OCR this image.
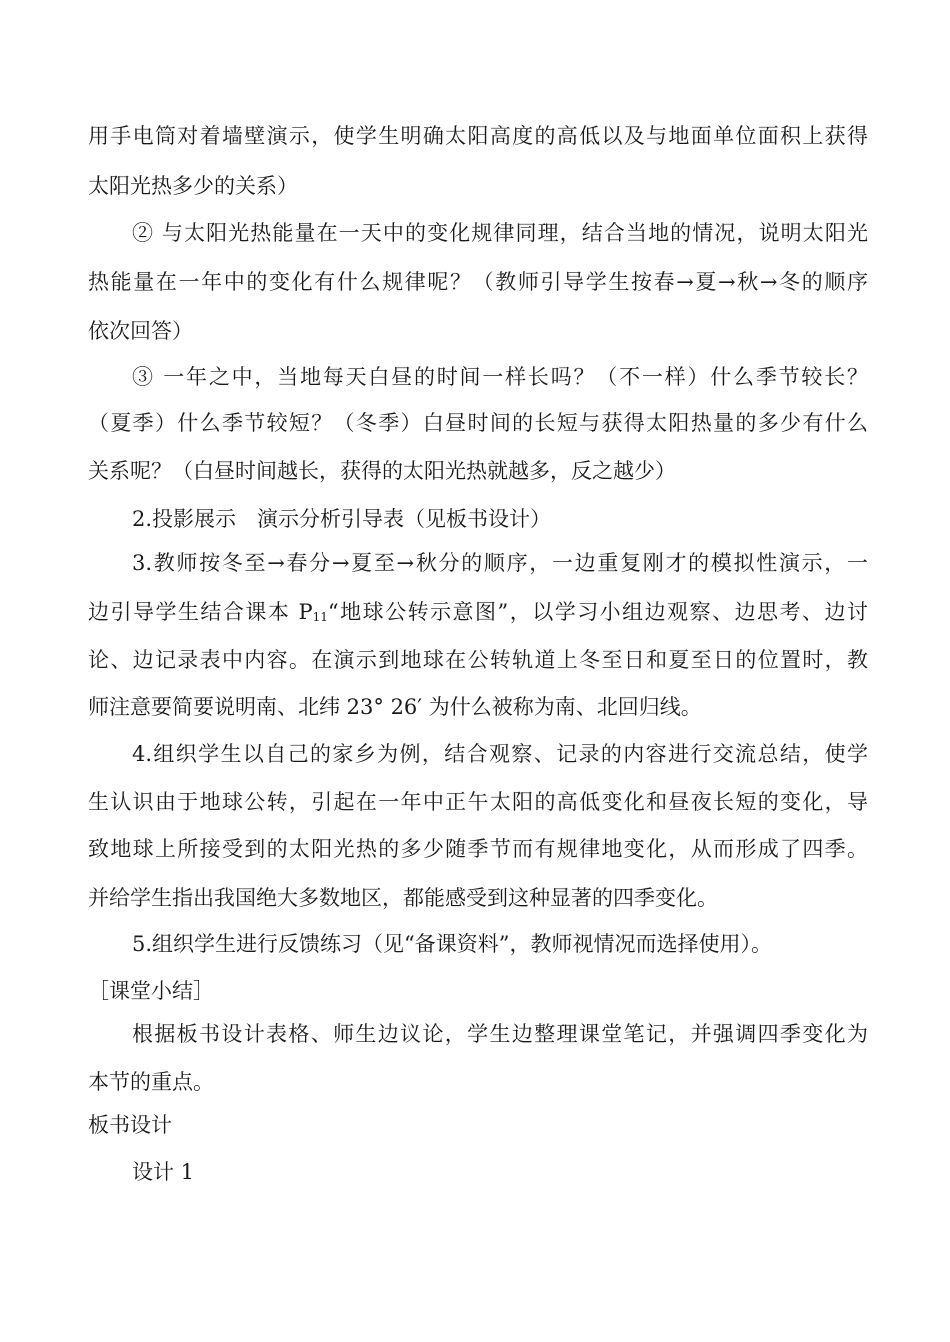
用手电筒对着墙壁演示，使学生明确太阳高度的高低以及与地面单位面积上获得
太阳光热多少的关系）
② 与太阳光热能量在一天中的变化规律同理，结合当地的情况，说明太阳光
热能量在一年中的变化有什么规律呢？（教师引导学生按春→夏→秋→冬的顺序
依次回答）
③ 一年之中，当地每天白昼的时间一样长吗？（不一样）什么季节较长？
（夏季）什么季节较短？（冬季）白昼时间的长短与获得太阳热量的多少有什么
关系呢？（白昼时间越长，获得的太阳光热就越多，反之越少）
2.投影展示　演示分析引导表（见板书设计）
3.教师按冬至→春分→夏至→秋分的顺序，一边重复刚才的模拟性演示，一
边引导学生结合课本 $P_{11}“$地球公转示意图”，以学习小组边观察、边思考、边讨
论、边记录表中内容。在演示到地球在公转轨道上冬至日和夏至日的位置时，教
师注意要简要说明南、北纬 23° 26′ 为什么被称为南、北回归线。
4.组织学生以自己的家乡为例，结合观察、记录的内容进行交流总结，使学
生认识由于地球公转，引起在一年中正午太阳的高低变化和昼夜长短的变化，导
致地球上所接受到的太阳光热的多少随季节而有规律地变化，从而形成了四季。
并给学生指出我国绝大多数地区，都能感受到这种显著的四季变化。
5.组织学生进行反馈练习（见“备课资料”，教师视情况而选择使用）。
［课堂小结］
根据板书设计表格、师生边议论，学生边整理课堂笔记，并强调四季变化为
本节的重点。
板书设计
设计 1
